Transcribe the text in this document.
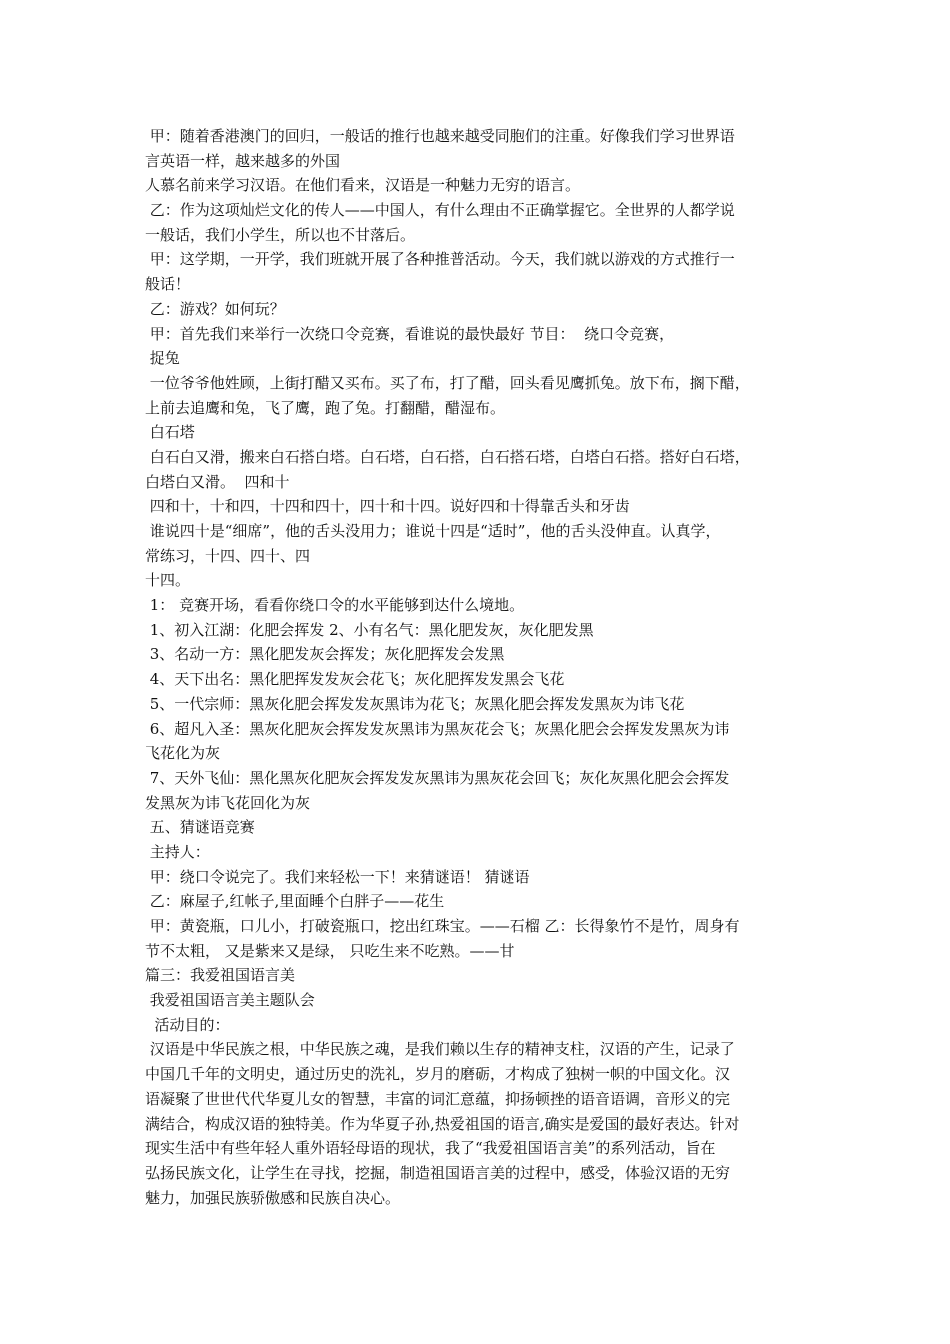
甲：随着香港澳门的回归，一般话的推行也越来越受同胞们的注重。好像我们学习世界语
言英语一样，越来越多的外国
人慕名前来学习汉语。在他们看来，汉语是一种魅力无穷的语言。
乙：作为这项灿烂文化的传人——中国人，有什么理由不正确掌握它。全世界的人都学说
一般话，我们小学生，所以也不甘落后。
甲：这学期，一开学，我们班就开展了各种推普活动。今天，我们就以游戏的方式推行一
般话！
乙：游戏？如何玩？
甲：首先我们来举行一次绕口令竞赛，看谁说的最快最好 节目：  绕口令竞赛，
捉兔
一位爷爷他姓顾，上街打醋又买布。买了布，打了醋，回头看见鹰抓兔。放下布，搁下醋，
上前去追鹰和兔，飞了鹰，跑了兔。打翻醋，醋湿布。
白石塔
白石白又滑，搬来白石搭白塔。白石塔，白石搭，白石搭石塔，白塔白石搭。搭好白石塔，
白塔白又滑。  四和十
四和十，十和四，十四和四十，四十和十四。说好四和十得靠舌头和牙齿
谁说四十是“细席”，他的舌头没用力；谁说十四是“适时”，他的舌头没伸直。认真学，
常练习，十四、四十、四
十四。
1： 竞赛开场，看看你绕口令的水平能够到达什么境地。
1、初入江湖：化肥会挥发 2、小有名气：黑化肥发灰，灰化肥发黑
3、名动一方：黑化肥发灰会挥发；灰化肥挥发会发黑
4、天下出名：黑化肥挥发发灰会花飞；灰化肥挥发发黑会飞花
5、一代宗师：黑灰化肥会挥发发灰黑讳为花飞；灰黑化肥会挥发发黑灰为讳飞花
6、超凡入圣：黑灰化肥灰会挥发发灰黑讳为黑灰花会飞；灰黑化肥会会挥发发黑灰为讳
飞花化为灰
7、天外飞仙：黑化黑灰化肥灰会挥发发灰黑讳为黑灰花会回飞；灰化灰黑化肥会会挥发
发黑灰为讳飞花回化为灰
五、猜谜语竞赛
主持人：
甲：绕口令说完了。我们来轻松一下！来猜谜语！ 猜谜语
乙：麻屋子,红帐子,里面睡个白胖子——花生
甲：黄瓷瓶，口儿小，打破瓷瓶口，挖出红珠宝。——石榴 乙：长得象竹不是竹，周身有
节不太粗， 又是紫来又是绿， 只吃生来不吃熟。——甘
篇三：我爱祖国语言美
我爱祖国语言美主题队会
活动目的：
汉语是中华民族之根，中华民族之魂，是我们赖以生存的精神支柱，汉语的产生，记录了
中国几千年的文明史，通过历史的洗礼，岁月的磨砺，才构成了独树一帜的中国文化。汉
语凝聚了世世代代华夏儿女的智慧，丰富的词汇意蕴，抑扬顿挫的语音语调，音形义的完
满结合，构成汉语的独特美。作为华夏子孙,热爱祖国的语言,确实是爱国的最好表达。针对
现实生活中有些年轻人重外语轻母语的现状，我了“我爱祖国语言美”的系列活动，旨在
弘扬民族文化，让学生在寻找，挖掘，制造祖国语言美的过程中，感受，体验汉语的无穷
魅力，加强民族骄傲感和民族自决心。
